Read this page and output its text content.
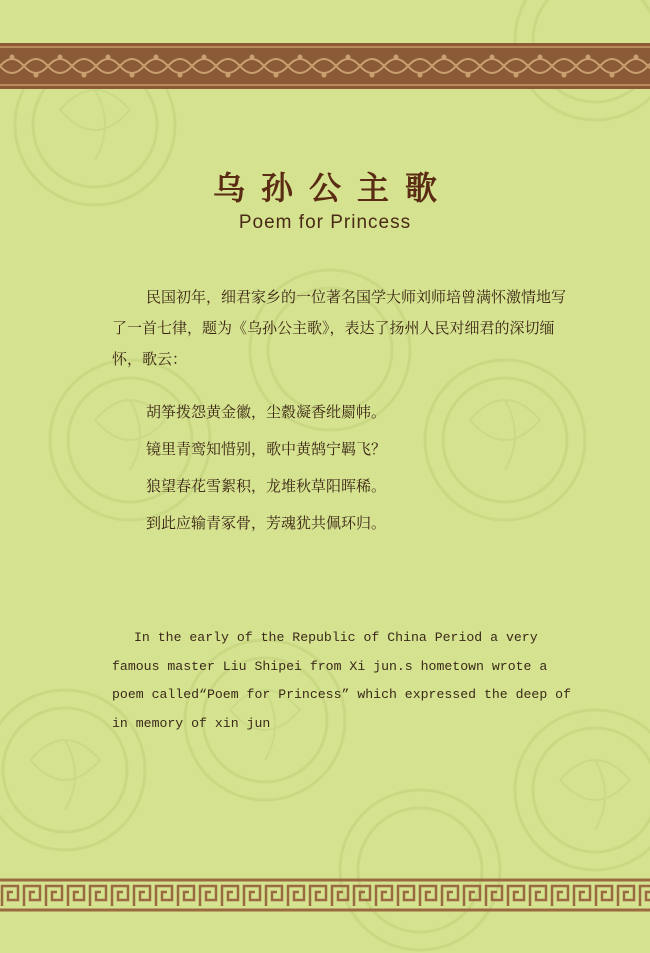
乌孙公主歌
Poem for Princess

民国初年，细君家乡的一位著名国学大师刘师培曾满怀激情地写了一首七律，题为《乌孙公主歌》，表达了扬州人民对细君的深切缅怀，歌云：

胡筝拨怨黄金徽，尘縠凝香纰罽帏。
镜里青鸾知惜别，歌中黄鹄宁羁飞？
狼望春花雪絮积，龙堆秋草阳晖稀。
到此应输青冢骨，芳魂犹共佩环归。

In the early of the Republic of China Period a very famous master Liu Shipei from Xi jun.s hometown wrote a poem called“Poem for Princess” which expressed the deep of in memory of xin jun
